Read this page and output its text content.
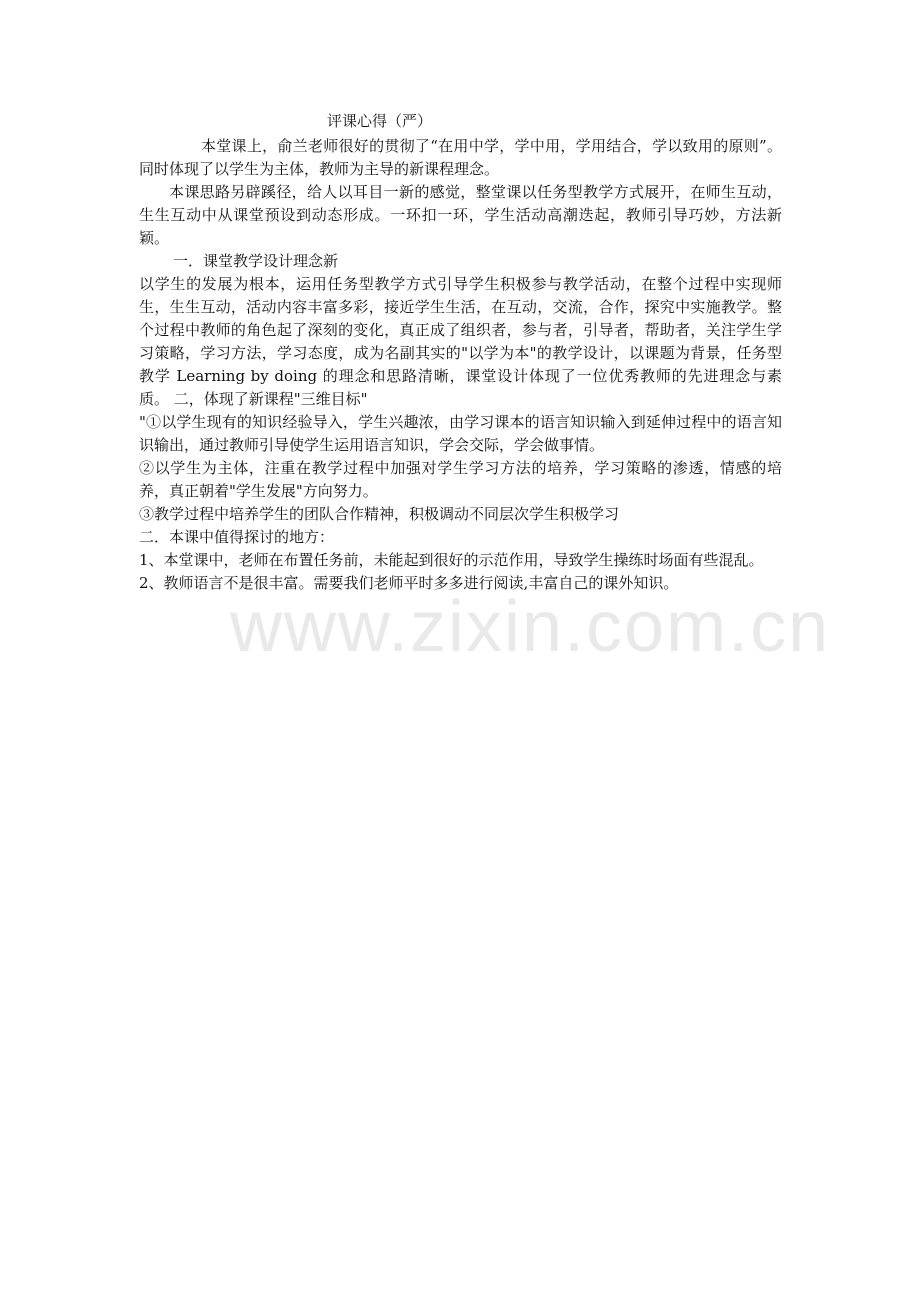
www.zixin.com.cn
评课心得（严）

本堂课上，俞兰老师很好的贯彻了“在用中学，学中用，学用结合，学以致用的原则”。同时体现了以学生为主体，教师为主导的新课程理念。

本课思路另辟蹊径，给人以耳目一新的感觉，整堂课以任务型教学方式展开，在师生互动，生生互动中从课堂预设到动态形成。一环扣一环，学生活动高潮迭起，教师引导巧妙，方法新颖。

一．课堂教学设计理念新

以学生的发展为根本，运用任务型教学方式引导学生积极参与教学活动，在整个过程中实现师生，生生互动，活动内容丰富多彩，接近学生生活，在互动，交流，合作，探究中实施教学。整个过程中教师的角色起了深刻的变化，真正成了组织者，参与者，引导者，帮助者，关注学生学习策略，学习方法，学习态度，成为名副其实的"以学为本"的教学设计，以课题为背景，任务型教学 Learning by doing 的理念和思路清晰，课堂设计体现了一位优秀教师的先进理念与素质。 二，体现了新课程"三维目标"

"①以学生现有的知识经验导入，学生兴趣浓，由学习课本的语言知识输入到延伸过程中的语言知识输出，通过教师引导使学生运用语言知识，学会交际，学会做事情。

②以学生为主体，注重在教学过程中加强对学生学习方法的培养，学习策略的渗透，情感的培养，真正朝着"学生发展"方向努力。

③教学过程中培养学生的团队合作精神，积极调动不同层次学生积极学习

二．本课中值得探讨的地方：

1、本堂课中，老师在布置任务前，未能起到很好的示范作用，导致学生操练时场面有些混乱。

2、教师语言不是很丰富。需要我们老师平时多多进行阅读,丰富自己的课外知识。
